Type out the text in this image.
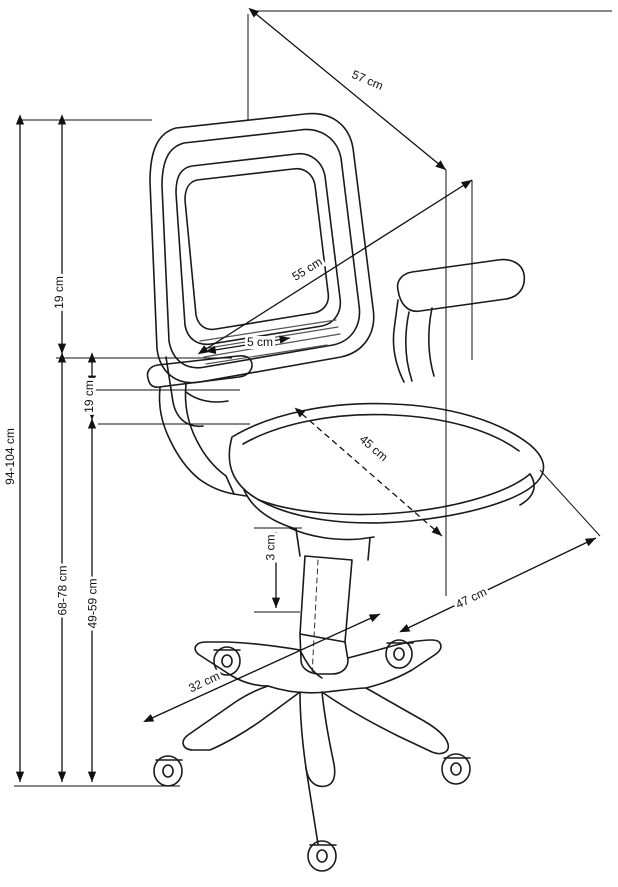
57 cm
55 cm
5 cm
45 cm
19 cm
19 cm
3 cm
94-104 cm
68-78 cm 49-59 cm
32 cm
47 cm
